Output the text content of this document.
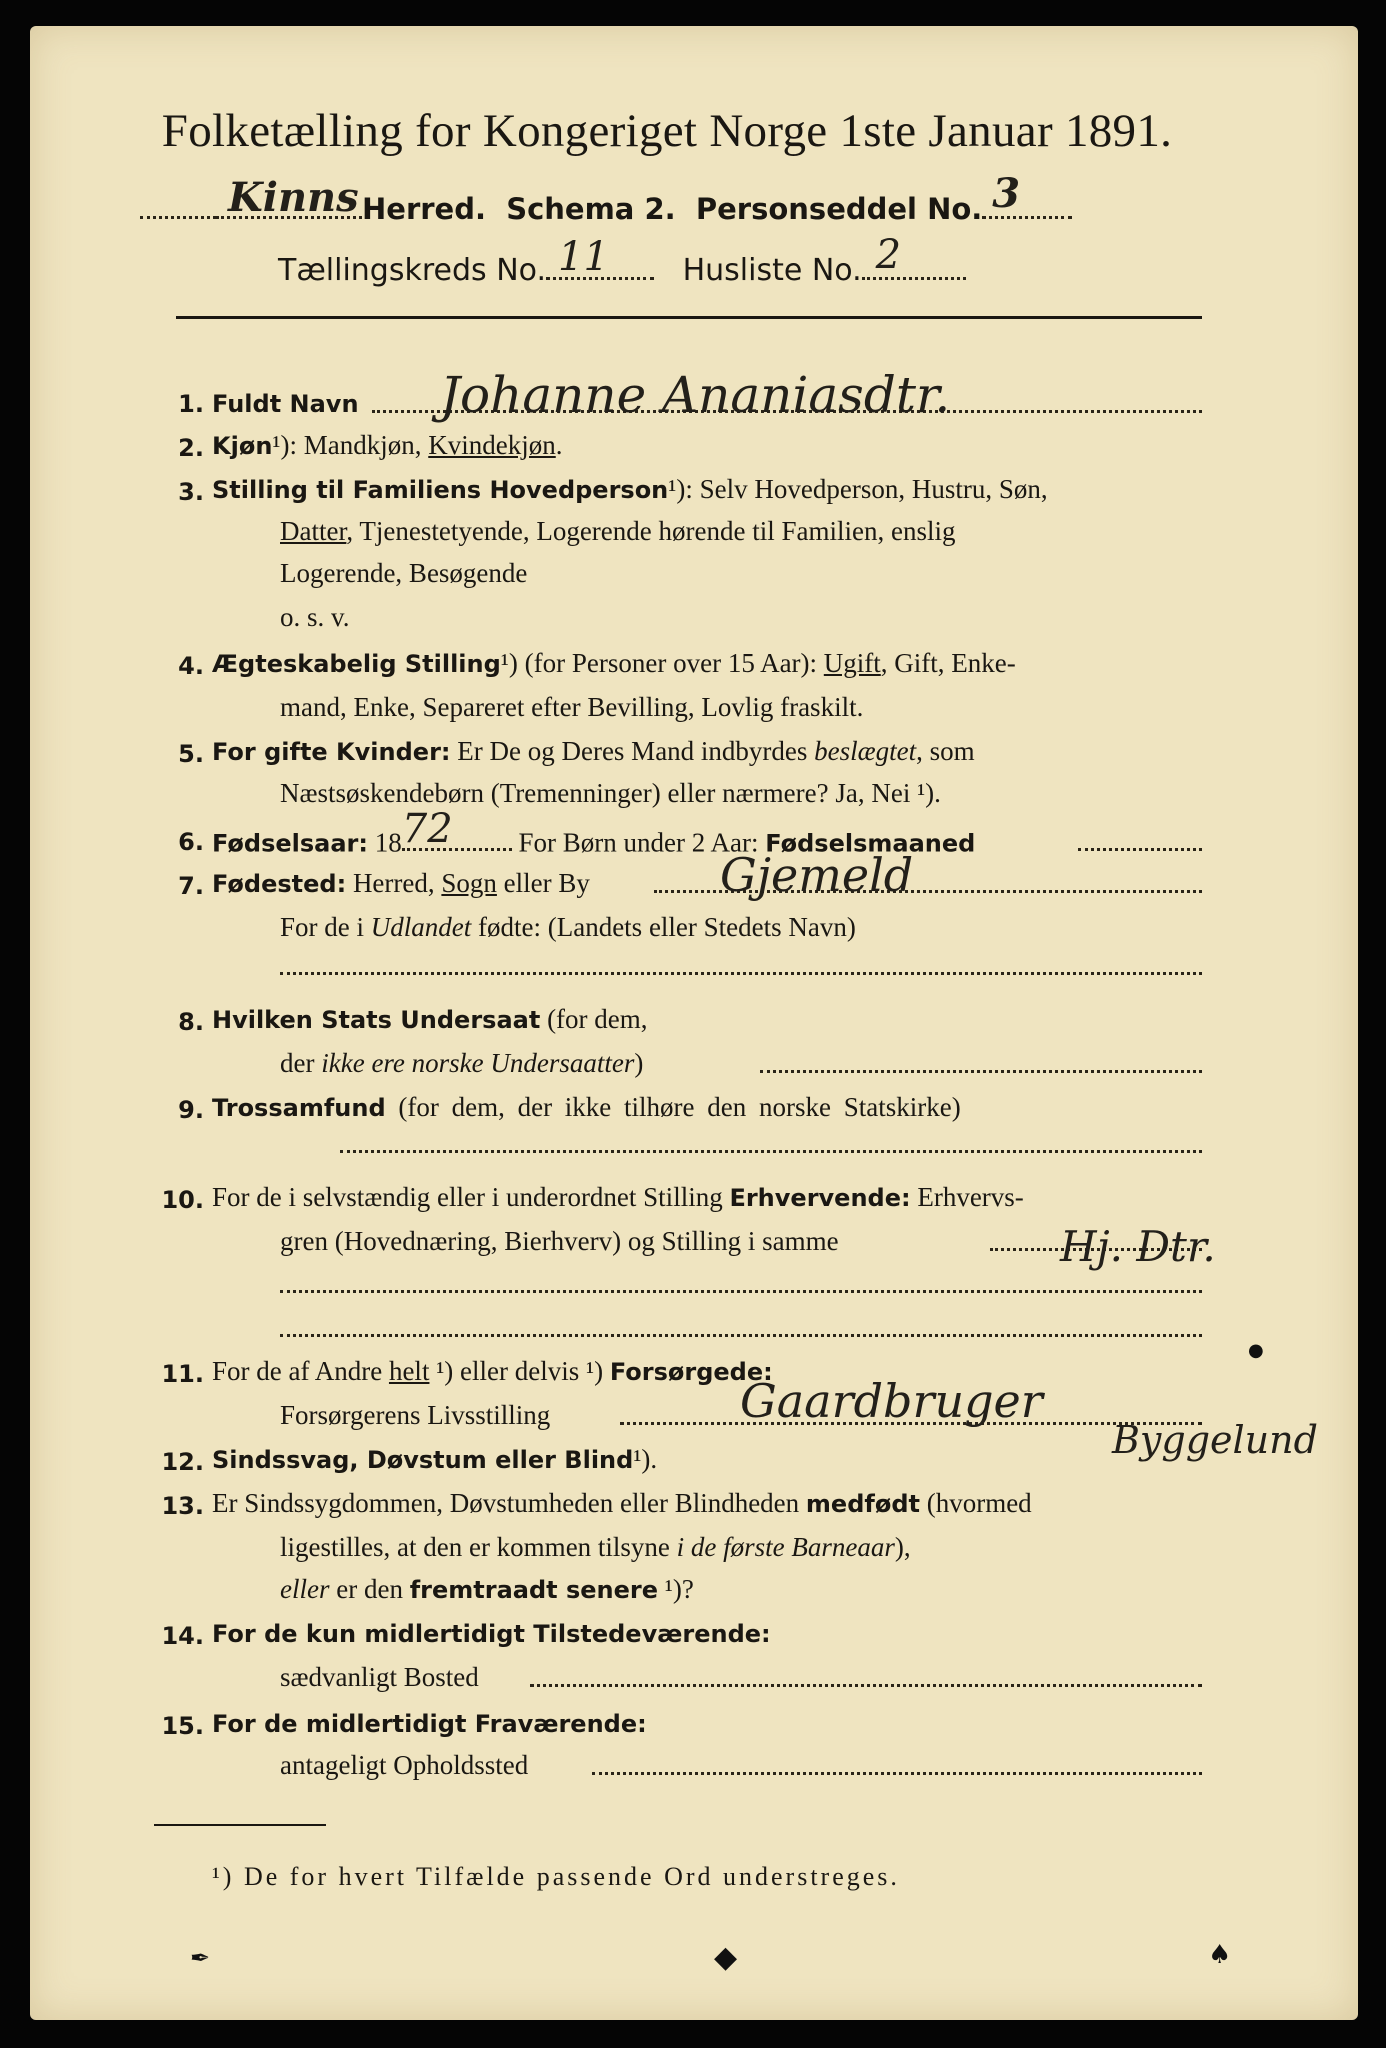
Folketælling for Kongeriget Norge 1ste Januar 1891.
Kinns Herred. Schema 2. Personseddel No. 3
Tællingskreds No. 11 Husliste No. 2
1. Fuldt Navn Johanne Ananiasdtr.
2. Kjøn¹): Mandkjøn, Kvindekjøn.
3. Stilling til Familiens Hovedperson¹): Selv Hovedperson, Hustru, Søn,
Datter, Tjenestetyende, Logerende hørende til Familien, enslig
Logerende, Besøgende
o. s. v.
4. Ægteskabelig Stilling¹) (for Personer over 15 Aar): Ugift, Gift, Enke-
mand, Enke, Separeret efter Bevilling, Lovlig fraskilt.
5. For gifte Kvinder: Er De og Deres Mand indbyrdes beslægtet, som
Næstsøskendebørn (Tremenninger) eller nærmere? Ja, Nei ¹).
6. Fødselsaar: 18 72 For Børn under 2 Aar: Fødselsmaaned
7. Fødested: Herred, Sogn eller By	Gjemeld
For de i Udlandet fødte: (Landets eller Stedets Navn)
8. Hvilken Stats Undersaat (for dem,
der ikke ere norske Undersaatter)
9. Trossamfund (for dem, der ikke tilhøre den norske Statskirke)
10. For de i selvstændig eller i underordnet Stilling Erhvervende: Erhvervs-
gren (Hovednæring, Bierhverv) og Stilling i samme	Hj. Dtr.
11. For de af Andre helt ¹) eller delvis ¹) Forsørgede:
Forsørgerens Livsstilling	Gaardbruger
Byggelund
12. Sindssvag, Døvstum eller Blind¹).
13. Er Sindssygdommen, Døvstumheden eller Blindheden medfødt (hvormed
ligestilles, at den er kommen tilsyne i de første Barneaar),
eller er den fremtraadt senere ¹)?
14. For de kun midlertidigt Tilstedeværende:
sædvanligt Bosted
15. For de midlertidigt Fraværende:
antageligt Opholdssted
¹) De for hvert Tilfælde passende Ord understreges.
✒	◆	♠
●
